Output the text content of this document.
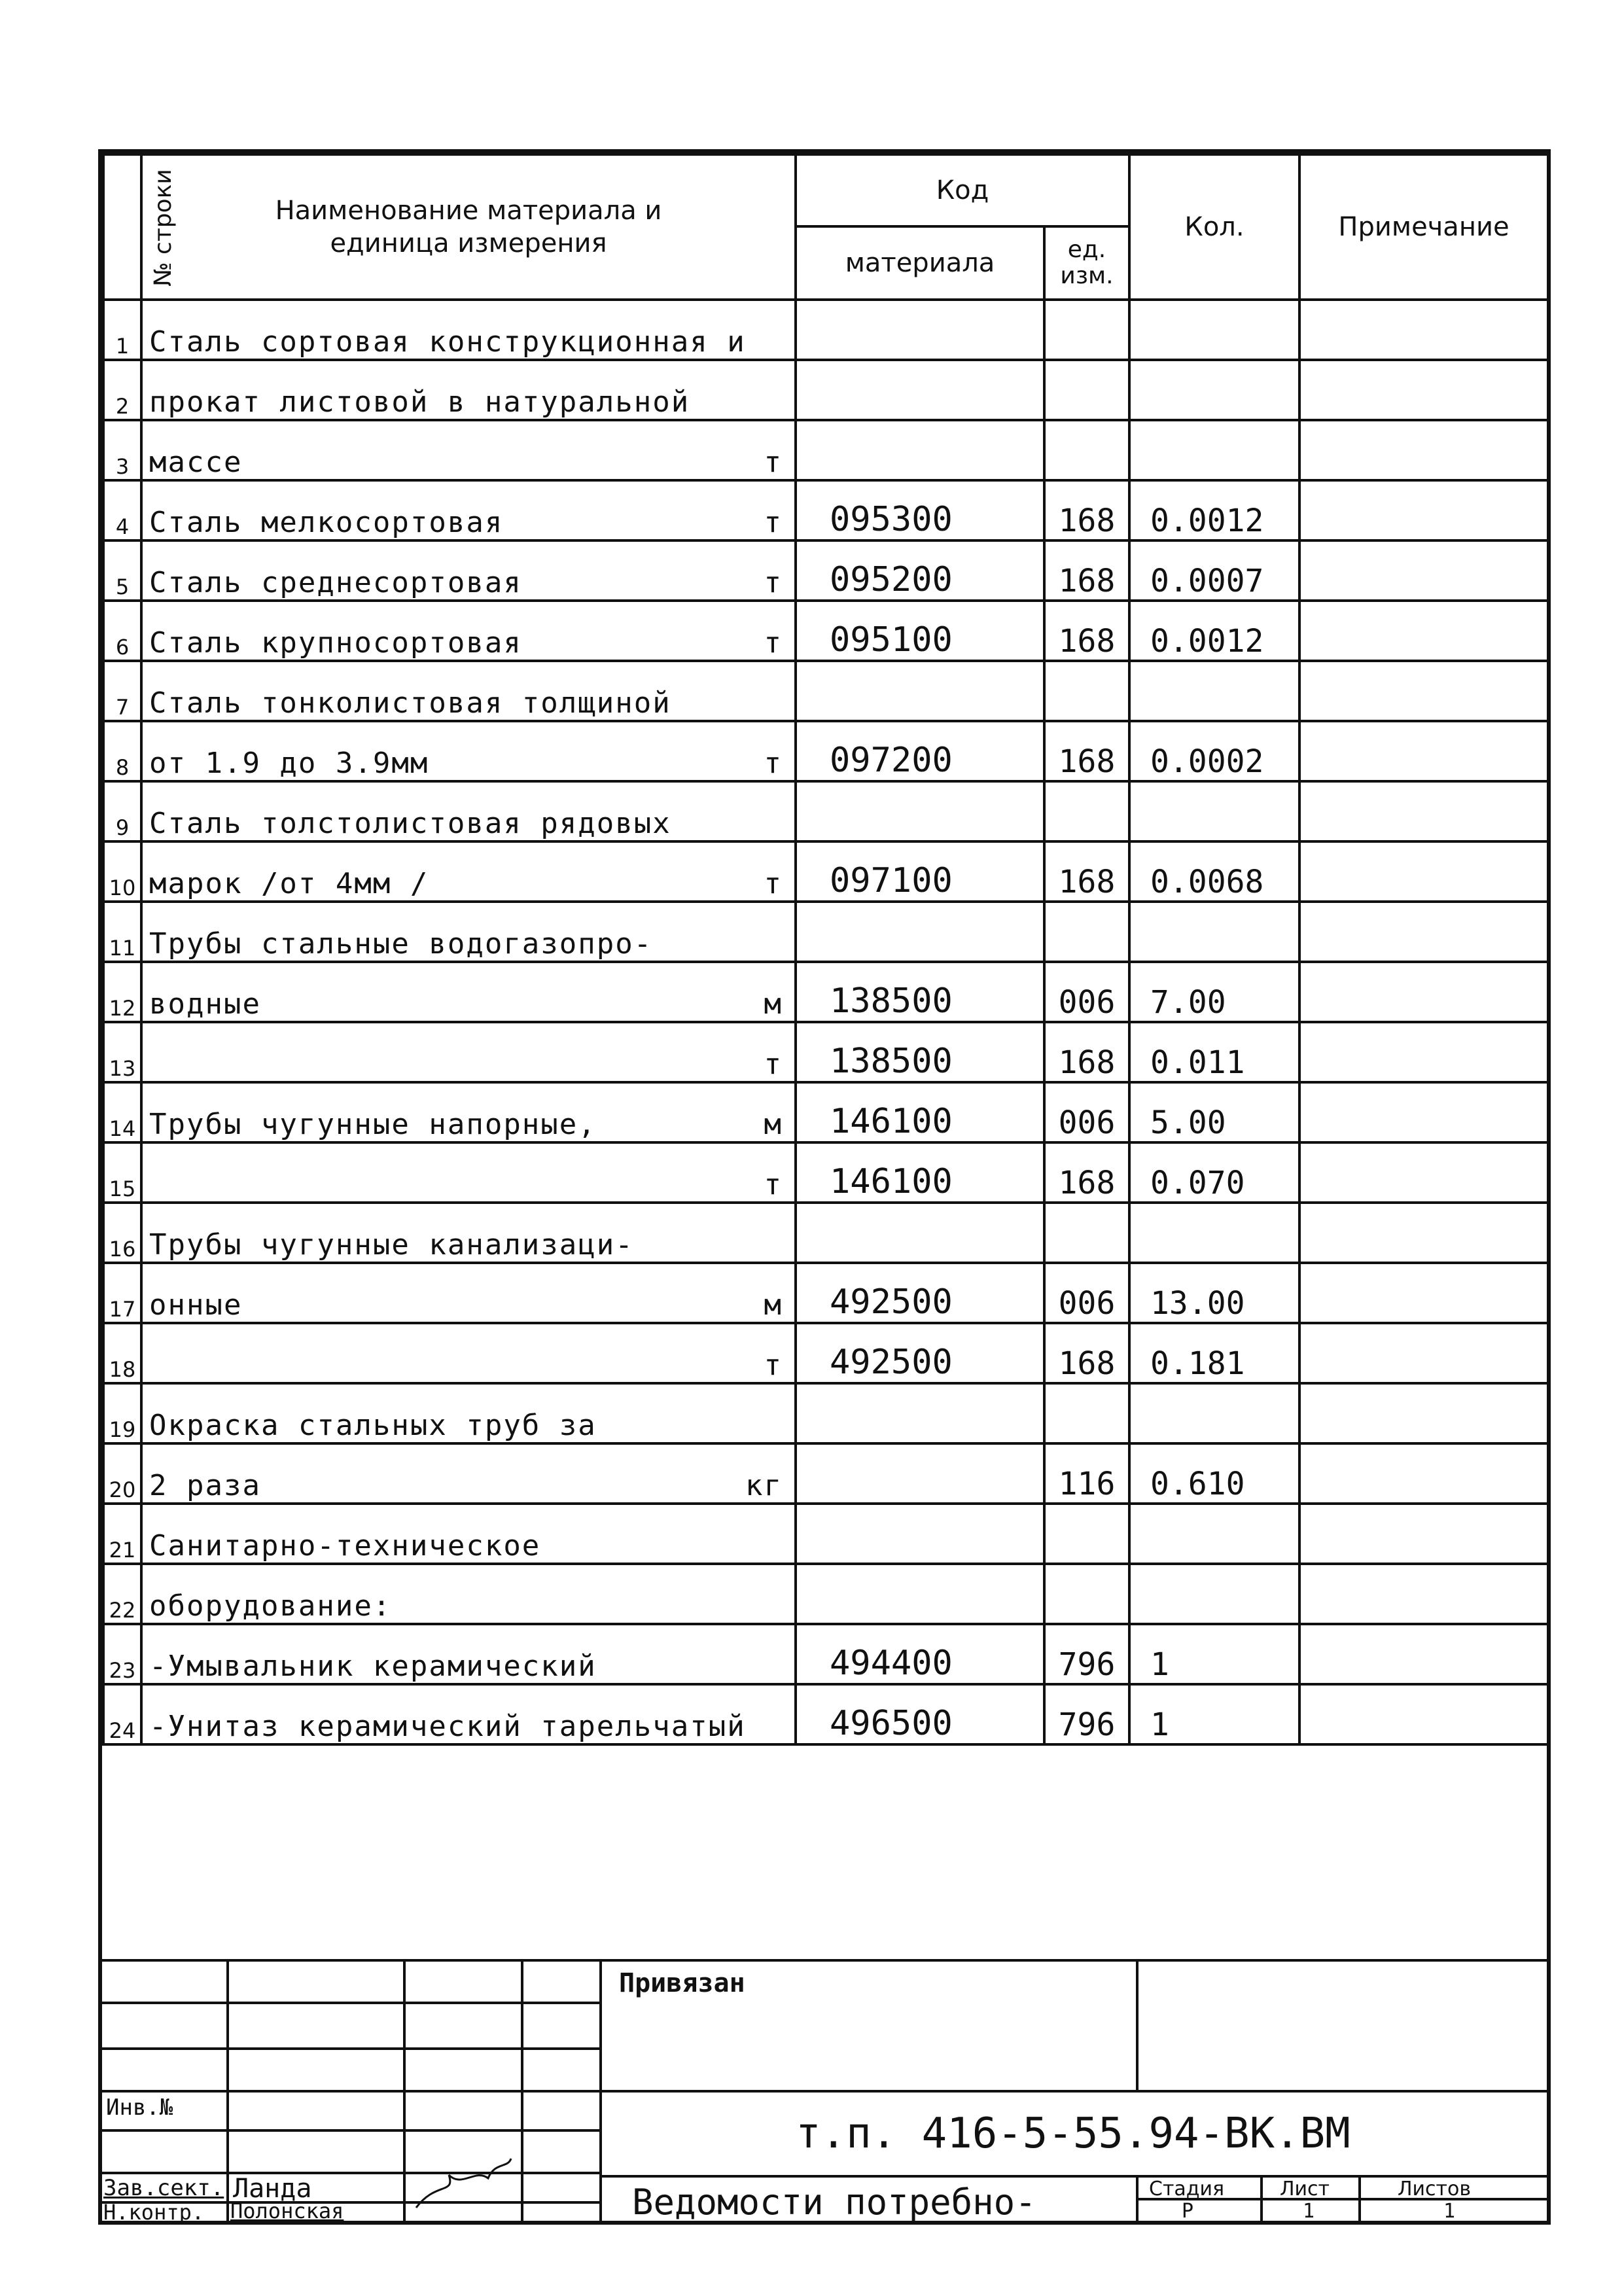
№ строки	Наименование материала и единица измерения	Код		Кол.	Примечание
		материала	ед. изм.		

1	Сталь сортовая конструкционная и

2	прокат листовой в натуральной

3	массе т				

4	Сталь мелкосортовая т	095300	168	0.0012	
5	Сталь среднесортовая т	095200	168	0.0007	
6	Сталь крупносортовая т	095100	168	0.0012	
7	Сталь тонколистовая толщиной

8	от 1.9 до 3.9мм т	097200	168	0.0002	
9	Сталь толстолистовая рядовых

10	марок /от 4мм / т	097100	168	0.0068	
11	Трубы стальные водогазопро-

12	водные м	138500	006	7.00	
13	т	138500	168	0.011	
14	Трубы чугунные напорные, м	146100	006	5.00	
15	т	146100	168	0.070	
16	Трубы чугунные канализаци-

17	онные м	492500	006	13.00	
18	т	492500	168	0.181	
19	Окраска стальных труб за

20	2 раза кг		116	0.610	
21	Санитарно-техническое

22	оборудование:

23	-Умывальник керамический	494400	796	1	
24	-Унитаз керамический тарельчатый	496500	796	1	
Привязан
Инв.№
т.п. 416-5-55.94-ВК.ВМ
Ведомости потребно-	Стадия	Лист	Листов
Р	1	1
Зав.сект. Ланда
Н.контр. Полонская
